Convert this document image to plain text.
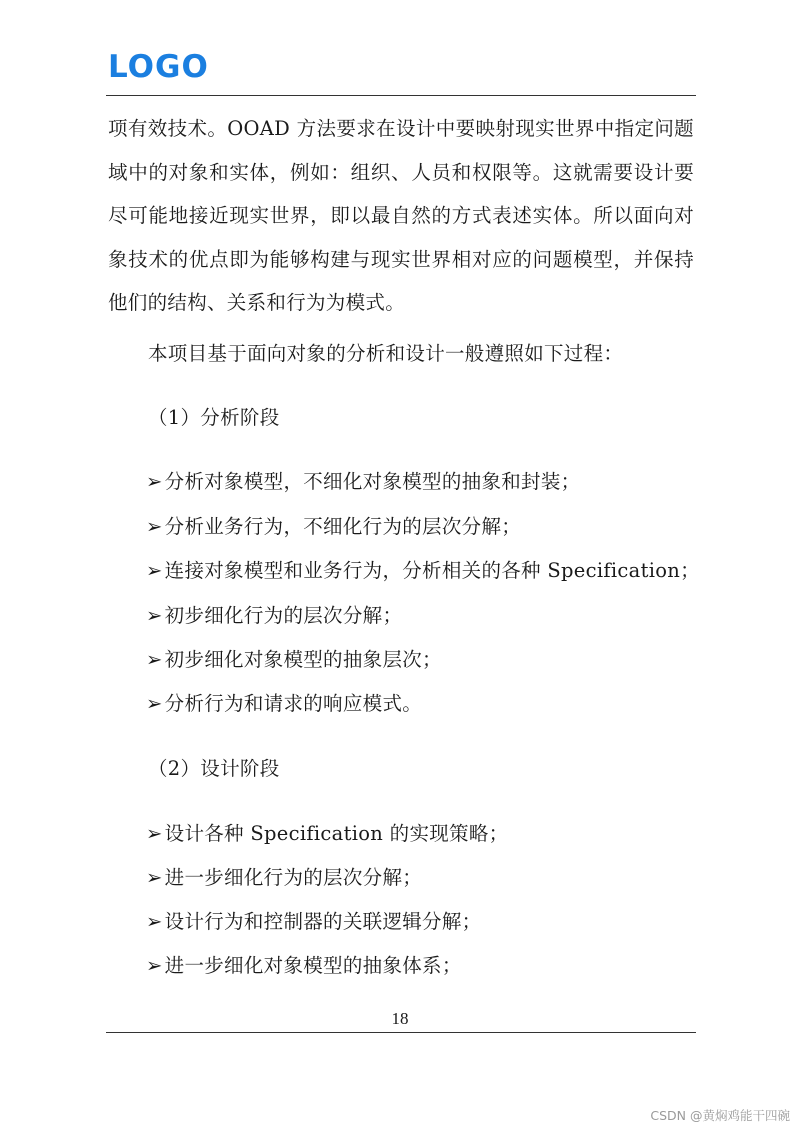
LOGO

项有效技术。OOAD 方法要求在设计中要映射现实世界中指定问题域中的对象和实体，例如：组织、人员和权限等。这就需要设计要尽可能地接近现实世界，即以最自然的方式表述实体。所以面向对象技术的优点即为能够构建与现实世界相对应的问题模型，并保持他们的结构、关系和行为为模式。

本项目基于面向对象的分析和设计一般遵照如下过程：

（1）分析阶段

➢ 分析对象模型，不细化对象模型的抽象和封装；

➢ 分析业务行为，不细化行为的层次分解；

➢ 连接对象模型和业务行为，分析相关的各种 Specification；

➢ 初步细化行为的层次分解；

➢ 初步细化对象模型的抽象层次；

➢ 分析行为和请求的响应模式。

（2）设计阶段

➢ 设计各种 Specification 的实现策略；

➢ 进一步细化行为的层次分解；

➢ 设计行为和控制器的关联逻辑分解；

➢ 进一步细化对象模型的抽象体系；

18
CSDN @黄焖鸡能干四碗
